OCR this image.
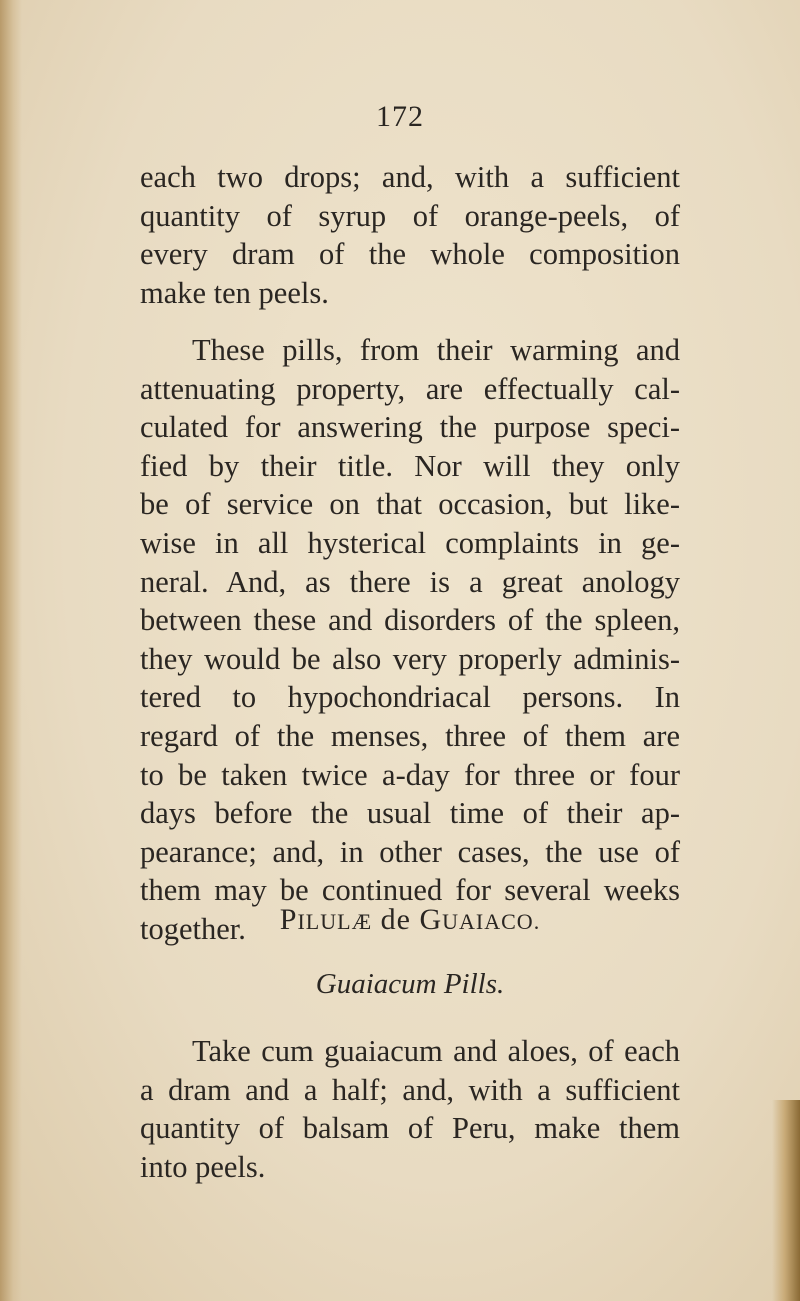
172
each two drops; and, with a sufficient
quantity of syrup of orange-peels, of
every dram of the whole composition
make ten peels.
These pills, from their warming and
attenuating property, are effectually cal-
culated for answering the purpose speci-
fied by their title. Nor will they only
be of service on that occasion, but like-
wise in all hysterical complaints in ge-
neral. And, as there is a great anology
between these and disorders of the spleen,
they would be also very properly adminis-
tered to hypochondriacal persons. In
regard of the menses, three of them are
to be taken twice a-day for three or four
days before the usual time of their ap-
pearance; and, in other cases, the use of
them may be continued for several weeks
together.	PILULÆ de GUAIACO.
Guaiacum Pills.
Take cum guaiacum and aloes, of each
a dram and a half; and, with a sufficient
quantity of balsam of Peru, make them
into peels.
